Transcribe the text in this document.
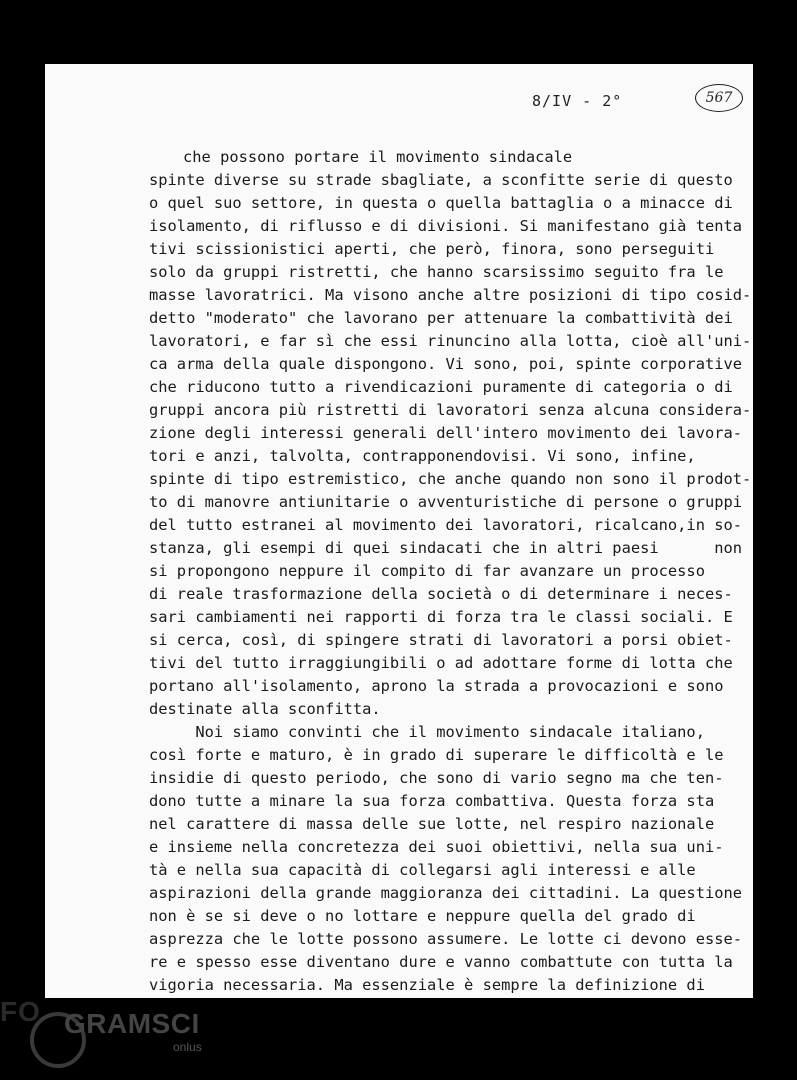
8/IV - 2°	567
che possono portare il movimento sindacale
spinte diverse su strade sbagliate, a sconfitte serie di questo
o quel suo settore, in questa o quella battaglia o a minacce di
isolamento, di riflusso e di divisioni. Si manifestano già tenta
tivi scissionistici aperti, che però, finora, sono perseguiti
solo da gruppi ristretti, che hanno scarsissimo seguito fra le
masse lavoratrici. Ma visono anche altre posizioni di tipo cosid-
detto "moderato" che lavorano per attenuare la combattività dei
lavoratori, e far sì che essi rinuncino alla lotta, cioè all'uni-
ca arma della quale dispongono. Vi sono, poi, spinte corporative
che riducono tutto a rivendicazioni puramente di categoria o di
gruppi ancora più ristretti di lavoratori senza alcuna considera-
zione degli interessi generali dell'intero movimento dei lavora-
tori e anzi, talvolta, contrapponendovisi. Vi sono, infine,
spinte di tipo estremistico, che anche quando non sono il prodot-
to di manovre antiunitarie o avventuristiche di persone o gruppi
del tutto estranei al movimento dei lavoratori, ricalcano,in so-
stanza, gli esempi di quei sindacati che in altri paesi      non
si propongono neppure il compito di far avanzare un processo
di reale trasformazione della società o di determinare i neces-
sari cambiamenti nei rapporti di forza tra le classi sociali. E
si cerca, così, di spingere strati di lavoratori a porsi obiet-
tivi del tutto irraggiungibili o ad adottare forme di lotta che
portano all'isolamento, aprono la strada a provocazioni e sono
destinate alla sconfitta.
Noi siamo convinti che il movimento sindacale italiano,
così forte e maturo, è in grado di superare le difficoltà e le
insidie di questo periodo, che sono di vario segno ma che ten-
dono tutte a minare la sua forza combattiva. Questa forza sta
nel carattere di massa delle sue lotte, nel respiro nazionale
e insieme nella concretezza dei suoi obiettivi, nella sua uni-
tà e nella sua capacità di collegarsi agli interessi e alle
aspirazioni della grande maggioranza dei cittadini. La questione
non è se si deve o no lottare e neppure quella del grado di
asprezza che le lotte possono assumere. Le lotte ci devono esse-
re e spesso esse diventano dure e vanno combattute con tutta la
vigoria necessaria. Ma essenziale è sempre la definizione di
FO GRAMSCI
onlus
